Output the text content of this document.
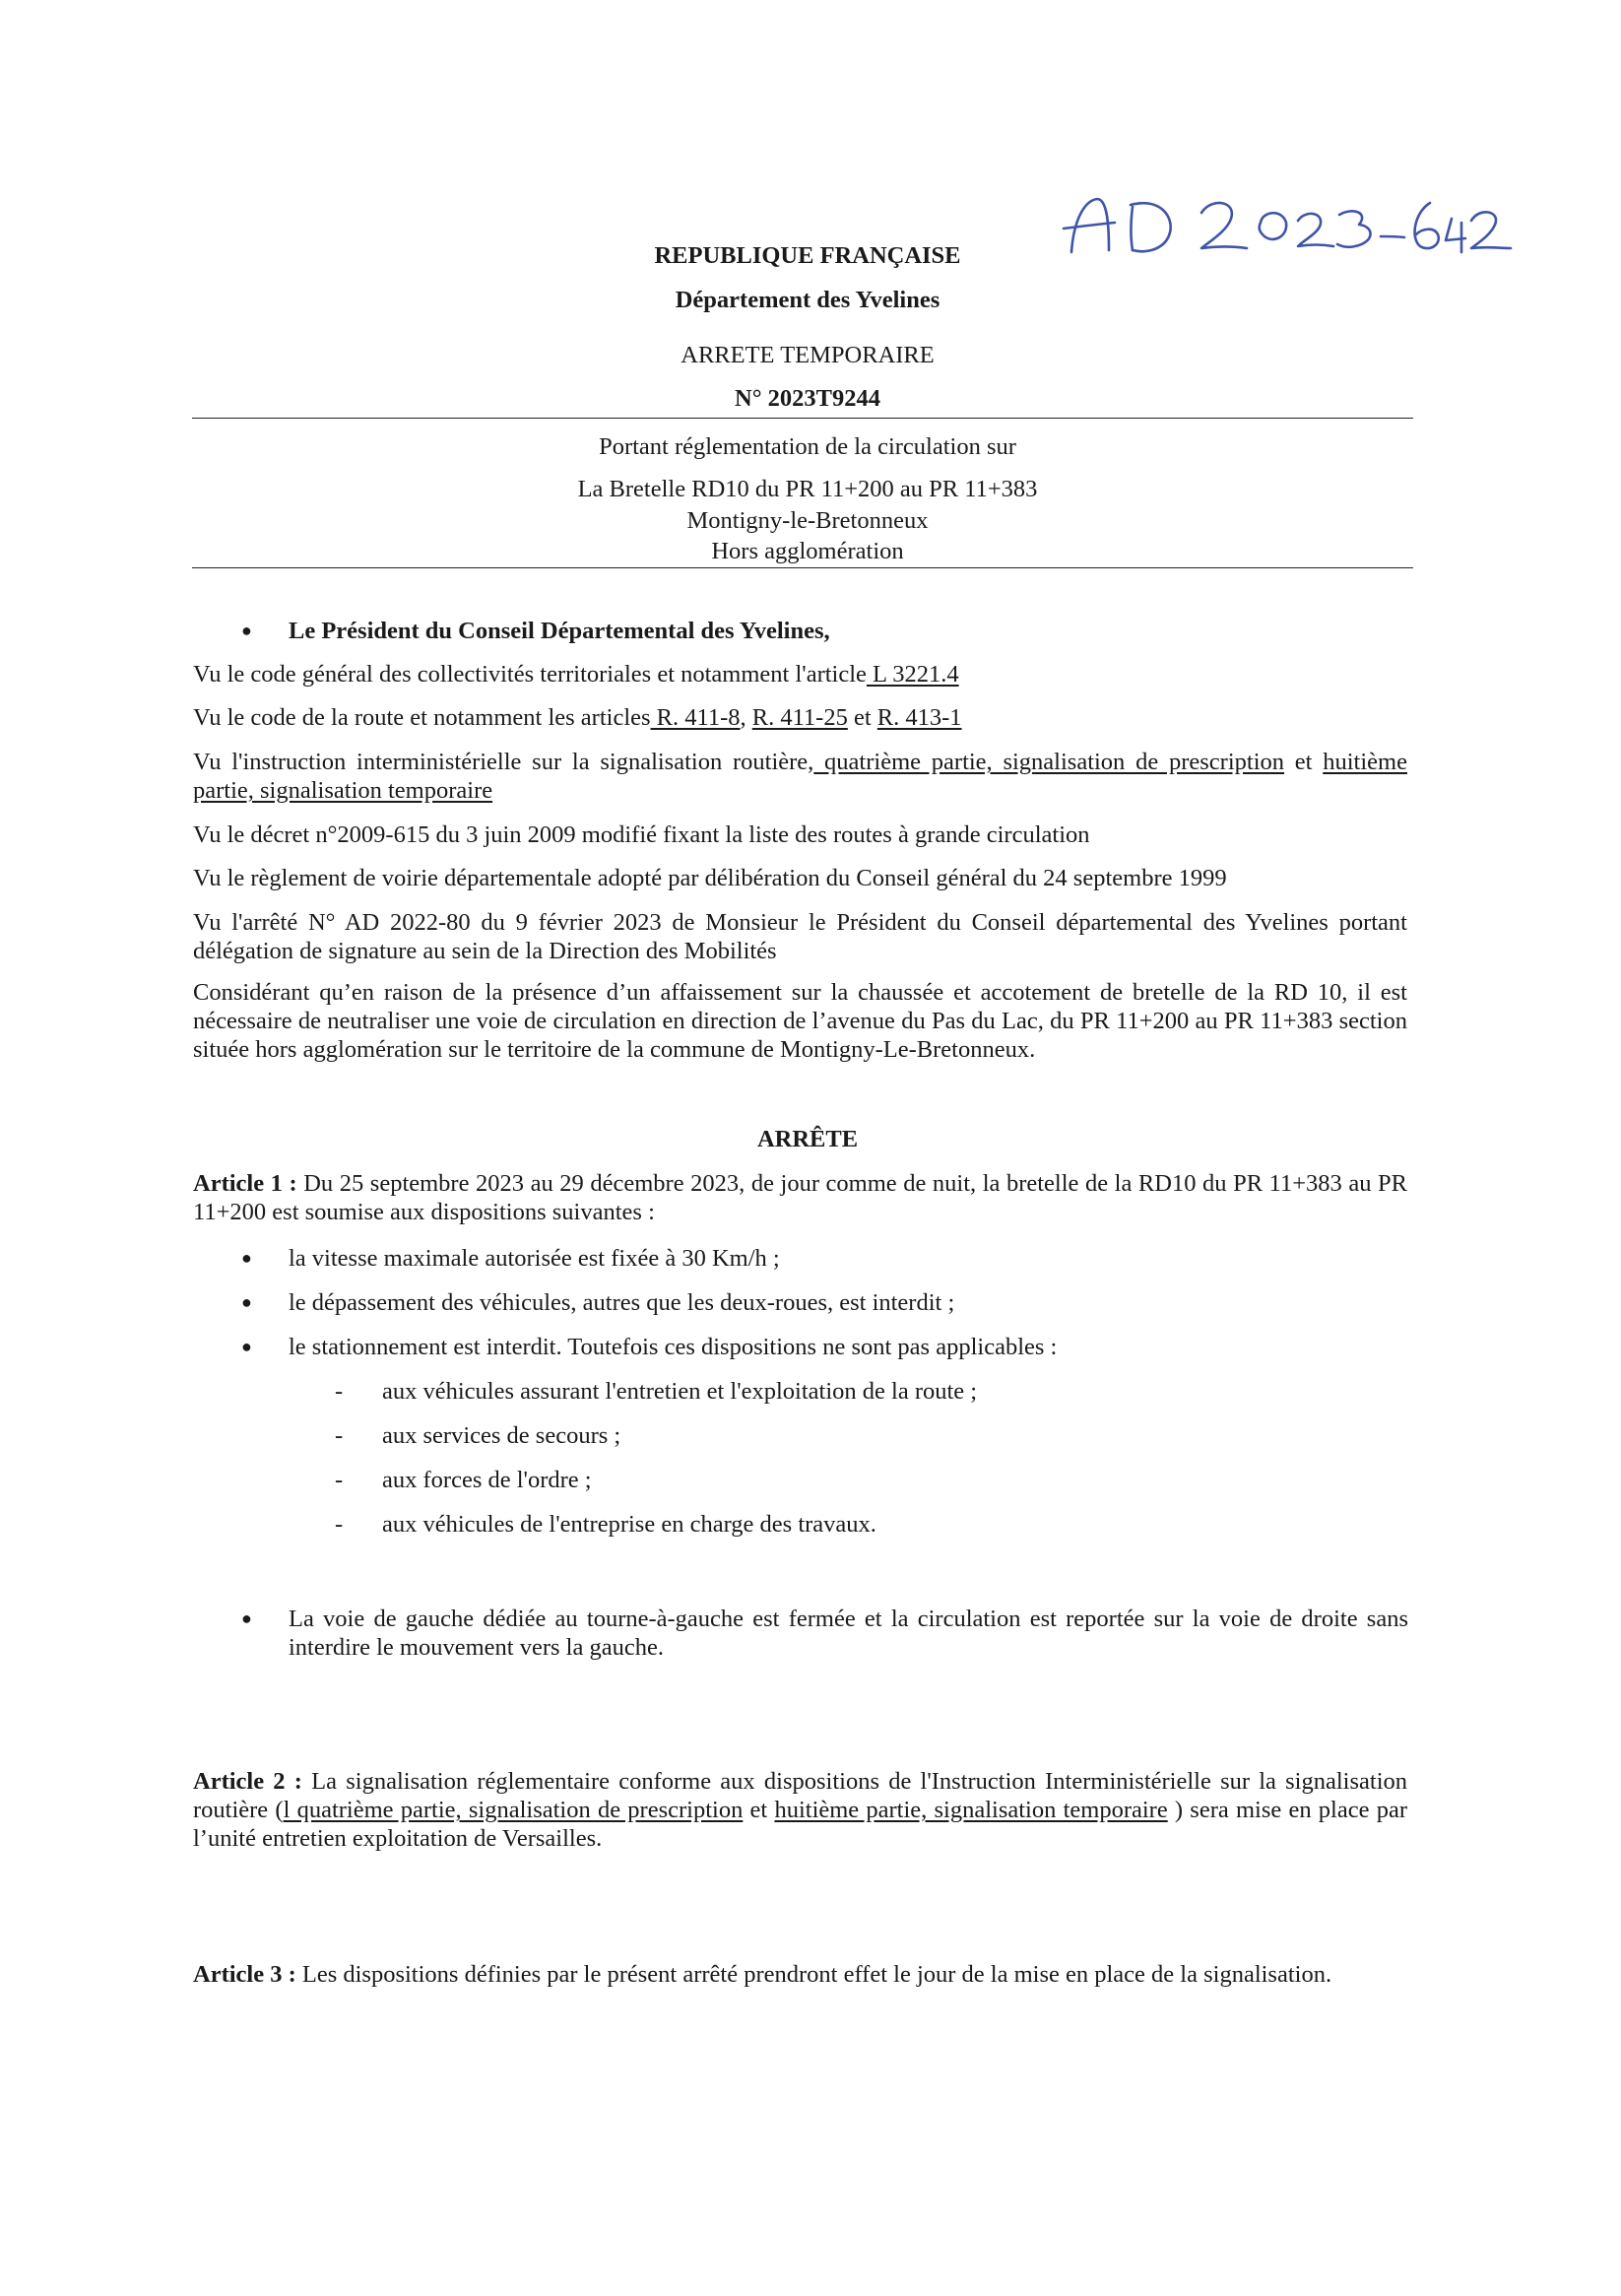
REPUBLIQUE FRANÇAISE
Département des Yvelines
ARRETE TEMPORAIRE
N° 2023T9244
Portant réglementation de la circulation sur
La Bretelle RD10 du PR 11+200 au PR 11+383
Montigny-le-Bretonneux
Hors agglomération
● Le Président du Conseil Départemental des Yvelines,
Vu le code général des collectivités territoriales et notamment l'article L 3221.4
Vu le code de la route et notamment les articles R. 411-8, R. 411-25 et R. 413-1
Vu l'instruction interministérielle sur la signalisation routière, quatrième partie, signalisation de prescription et huitième partie, signalisation temporaire
Vu le décret n°2009-615 du 3 juin 2009 modifié fixant la liste des routes à grande circulation
Vu le règlement de voirie départementale adopté par délibération du Conseil général du 24 septembre 1999
Vu l'arrêté N° AD 2022-80 du 9 février 2023 de Monsieur le Président du Conseil départemental des Yvelines portant délégation de signature au sein de la Direction des Mobilités
Considérant qu’en raison de la présence d’un affaissement sur la chaussée et accotement de bretelle de la RD 10, il est nécessaire de neutraliser une voie de circulation en direction de l’avenue du Pas du Lac, du PR 11+200 au PR 11+383 section située hors agglomération sur le territoire de la commune de Montigny-Le-Bretonneux.
ARRÊTE
Article 1 : Du 25 septembre 2023 au 29 décembre 2023, de jour comme de nuit, la bretelle de la RD10 du PR 11+383 au PR 11+200 est soumise aux dispositions suivantes :
● la vitesse maximale autorisée est fixée à 30 Km/h ;
● le dépassement des véhicules, autres que les deux-roues, est interdit ;
● le stationnement est interdit. Toutefois ces dispositions ne sont pas applicables :
- aux véhicules assurant l'entretien et l'exploitation de la route ;
- aux services de secours ;
- aux forces de l'ordre ;
- aux véhicules de l'entreprise en charge des travaux.
● La voie de gauche dédiée au tourne-à-gauche est fermée et la circulation est reportée sur la voie de droite sans interdire le mouvement vers la gauche.
Article 2 : La signalisation réglementaire conforme aux dispositions de l'Instruction Interministérielle sur la signalisation routière (l quatrième partie, signalisation de prescription et huitième partie, signalisation temporaire ) sera mise en place par l’unité entretien exploitation de Versailles.
Article 3 : Les dispositions définies par le présent arrêté prendront effet le jour de la mise en place de la signalisation.
